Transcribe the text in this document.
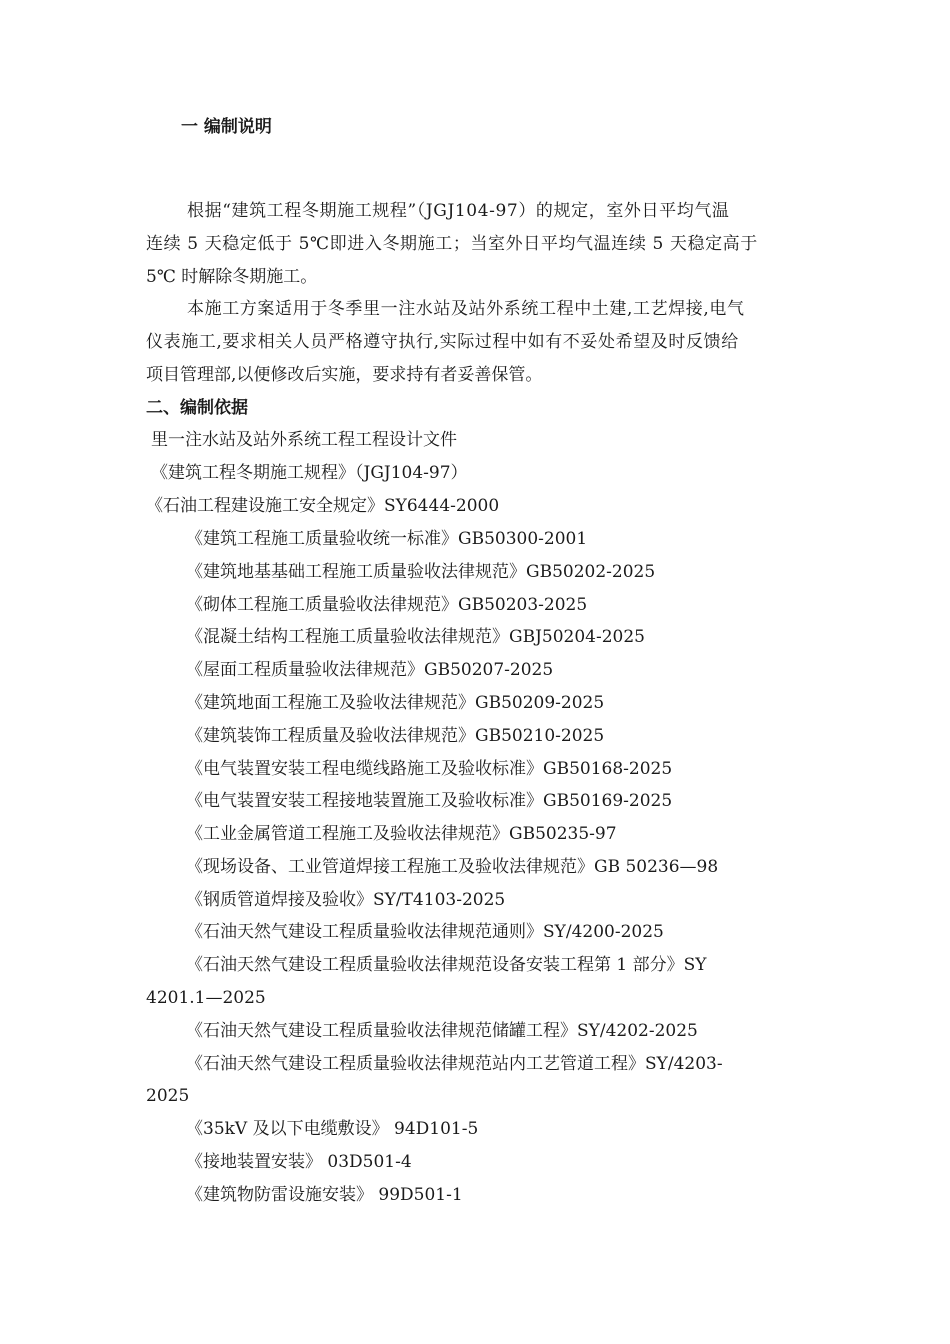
一 编制说明
根据“建筑工程冬期施工规程”（JGJ104-97）的规定，室外日平均气温
连续 5 天稳定低于 5℃即进入冬期施工；当室外日平均气温连续 5 天稳定高于
5℃ 时解除冬期施工。
本施工方案适用于冬季里一注水站及站外系统工程中土建,工艺焊接,电气
仪表施工,要求相关人员严格遵守执行,实际过程中如有不妥处希望及时反馈给
项目管理部,以便修改后实施，要求持有者妥善保管。
二、编制依据
里一注水站及站外系统工程工程设计文件
《建筑工程冬期施工规程》（JGJ104-97）
《石油工程建设施工安全规定》SY6444-2000
《建筑工程施工质量验收统一标准》GB50300-2001
《建筑地基基础工程施工质量验收法律规范》GB50202-2025
《砌体工程施工质量验收法律规范》GB50203-2025
《混凝土结构工程施工质量验收法律规范》GBJ50204-2025
《屋面工程质量验收法律规范》GB50207-2025
《建筑地面工程施工及验收法律规范》GB50209-2025
《建筑装饰工程质量及验收法律规范》GB50210-2025
《电气装置安装工程电缆线路施工及验收标准》GB50168-2025
《电气装置安装工程接地装置施工及验收标准》GB50169-2025
《工业金属管道工程施工及验收法律规范》GB50235-97
《现场设备、工业管道焊接工程施工及验收法律规范》GB 50236—98
《钢质管道焊接及验收》SY/T4103-2025
《石油天然气建设工程质量验收法律规范通则》SY/4200-2025
《石油天然气建设工程质量验收法律规范设备安装工程第 1 部分》SY
4201.1—2025
《石油天然气建设工程质量验收法律规范储罐工程》SY/4202-2025
《石油天然气建设工程质量验收法律规范站内工艺管道工程》SY/4203-
2025
《35kV 及以下电缆敷设》 94D101-5
《接地装置安装》 03D501-4
《建筑物防雷设施安装》 99D501-1
